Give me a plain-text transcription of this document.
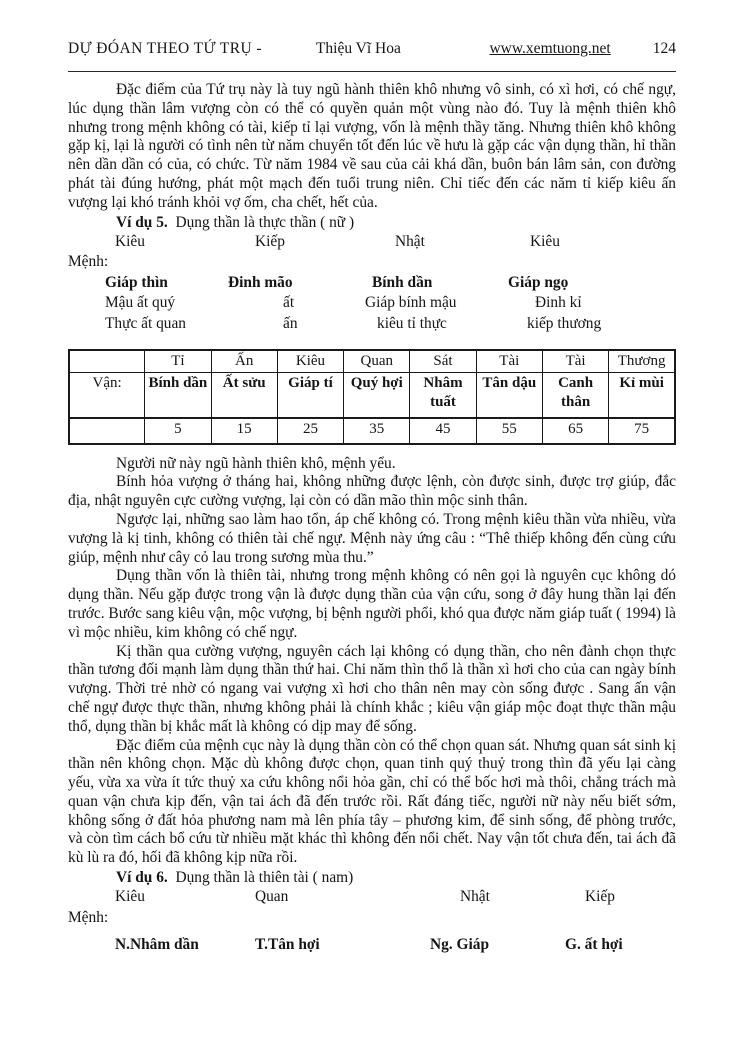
DỰ ĐÓAN THEO TỨ TRỤ -	Thiệu Vĩ Hoa	www.xemtuong.net	124

Đặc điểm của Tứ trụ này là tuy ngũ hành thiên khô nhưng vô sinh, có xì hơi, có chế ngự, lúc dụng thần lâm vượng còn có thể có quyền quản một vùng nào đó. Tuy là mệnh thiên khô nhưng trong mệnh không có tài, kiếp tỉ lại vượng, vốn là mệnh thầy tăng. Nhưng thiên khô không gặp kị, lại là người có tình nên từ năm chuyển tốt đến lúc về hưu là gặp các vận dụng thần, hỉ thần nên dần dần có của, có chức. Từ năm 1984 về sau của cải khá dần, buôn bán lâm sản, con đường phát tài đúng hướng, phát một mạch đến tuổi trung niên. Chỉ tiếc đến các năm tỉ kiếp kiêu ấn vượng lại khó tránh khỏi vợ ốm, cha chết, hết của.

Ví dụ 5. Dụng thần là thực thần ( nữ )

Kiêu	Kiếp	Nhật	Kiêu

Mệnh:

Giáp thìn	Đinh mão	Bính dần	Giáp ngọ
Mậu ất quý	ất	Giáp bính mậu	Đinh kỉ
Thực ất quan	ấn	kiêu tỉ thực	kiếp thương
	Tỉ	Ấn	Kiêu	Quan	Sát	Tài	Tài	Thương
Vận:	Bính dần	Ất sửu	Giáp tí	Quý hợi	Nhâm tuất	Tân dậu	Canh thân	Kỉ mùi
	5	15	25	35	45	55	65	75

Người nữ này ngũ hành thiên khô, mệnh yểu.

Bính hỏa vượng ở tháng hai, không những được lệnh, còn được sinh, được trợ giúp, đắc địa, nhật nguyên cực cường vượng, lại còn có dần mão thìn mộc sinh thân.

Ngược lại, những sao làm hao tổn, áp chế không có. Trong mệnh kiêu thần vừa nhiều, vừa vượng là kị tinh, không có thiên tài chế ngự. Mệnh này ứng câu : “Thê thiếp không đến cùng cứu giúp, mệnh như cây cỏ lau trong sương mùa thu.”

Dụng thần vốn là thiên tài, nhưng trong mệnh không có nên gọi là nguyên cục không dó dụng thần. Nếu gặp được trong vận là được dụng thần của vận cứu, song ở đây hung thần lại đến trước. Bước sang kiêu vận, mộc vượng, bị bệnh người phổi, khó qua được năm giáp tuất ( 1994) là vì mộc nhiều, kim không có chế ngự.

Kị thần qua cường vượng, nguyên cách lại không có dụng thần, cho nên đành chọn thực thần tương đối mạnh làm dụng thần thứ hai. Chi năm thìn thổ là thần xì hơi cho của can ngày bính vượng. Thời trẻ nhờ có ngang vai vượng xì hơi cho thân nên may còn sống được . Sang ấn vận chế ngự được thực thần, nhưng không phải là chính khắc ; kiêu vận giáp mộc đoạt thực thần mậu thổ, dụng thần bị khắc mất là không có dịp may để sống.

Đặc điểm của mệnh cục này là dụng thần còn có thể chọn quan sát. Nhưng quan sát sinh kị thần nên không chọn. Mặc dù không được chọn, quan tinh quý thuỷ trong thìn đã yếu lại càng yếu, vừa xa vừa ít tức thuỷ xa cứu không nổi hỏa gần, chỉ có thể bốc hơi mà thôi, chẳng trách mà quan vận chưa kịp đến, vận tai ách đã đến trước rồi. Rất đáng tiếc, người nữ này nếu biết sớm, không sống ở đất hỏa phương nam mà lên phía tây – phương kim, để sinh sống, để phòng trước, và còn tìm cách bổ cứu từ nhiều mặt khác thì không đến nổi chết. Nay vận tốt chưa đến, tai ách đã kù lù ra đó, hối đã không kịp nữa rồi.

Ví dụ 6. Dụng thần là thiên tài ( nam)

Kiêu	Quan	Nhật	Kiếp

Mệnh:

N.Nhâm dần	T.Tân hợi	Ng. Giáp	G. ất hợi
